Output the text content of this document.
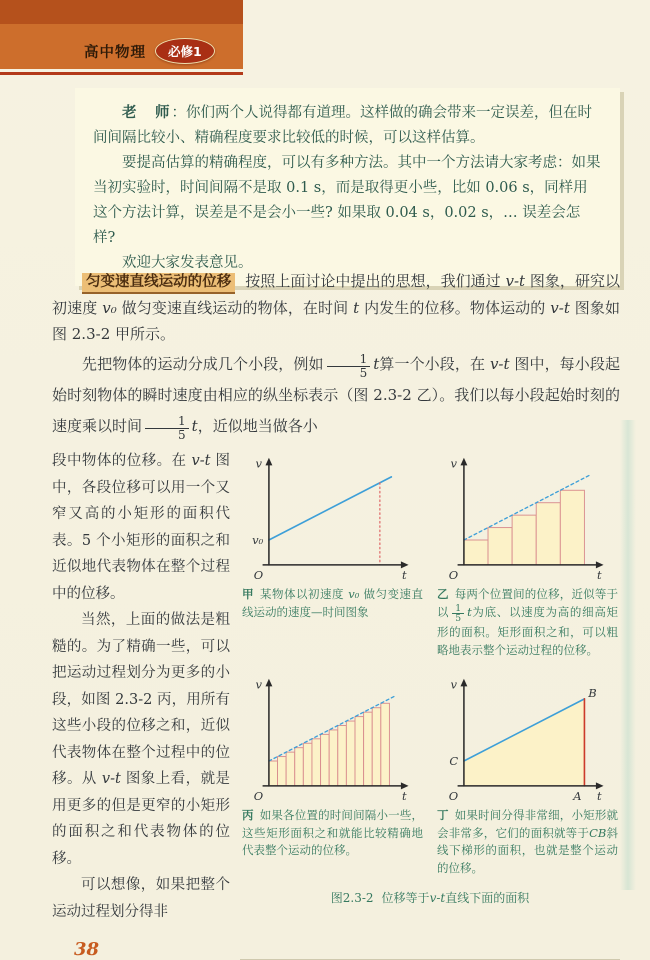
高中物理	必修1

老　师：你们两个人说得都有道理。这样做的确会带来一定误差，但在时间间隔比较小、精确程度要求比较低的时候，可以这样估算。

要提高估算的精确程度，可以有多种方法。其中一个方法请大家考虑：如果当初实验时，时间间隔不是取 0.1 s，而是取得更小些，比如 0.06 s，同样用这个方法计算，误差是不是会小一些? 如果取 0.04 s，0.02 s，… 误差会怎样?

欢迎大家发表意见。

匀变速直线运动的位移 按照上面讨论中提出的思想，我们通过 v-t 图象，研究以初速度 v₀ 做匀变速直线运动的物体，在时间 t 内发生的位移。物体运动的 v-t 图象如图 2.3-2 甲所示。

先把物体的运动分成几个小段，例如 $\frac{1}{5}$ t算一个小段，在 v-t 图中，每小段起始时刻物体的瞬时速度由相应的纵坐标表示（图 2.3-2 乙）。我们以每小段起始时刻的速度乘以时间 $\frac{1}{5}$ t，近似地当做各小

段中物体的位移。在 v-t 图中，各段位移可以用一个又窄又高的小矩形的面积代表。5 个小矩形的面积之和近似地代表物体在整个过程中的位移。

当然，上面的做法是粗糙的。为了精确一些，可以把运动过程划分为更多的小段，如图 2.3-2 丙，用所有这些小段的位移之和，近似代表物体在整个过程中的位移。从 v-t 图象上看，就是用更多的但是更窄的小矩形的面积之和代表物体的位移。

可以想像，如果把整个运动过程划分得非

38
v₀
v
O	t
v
O	t

甲 某物体以初速度 v₀ 做匀变速直线运动的速度—时间图象

乙 每两个位置间的位移，近似等于以 $\frac{1}{5}$ t为底、以速度为高的细高矩形的面积。矩形面积之和，可以粗略地表示整个运动过程的位移。

v
O	t
C
B
A
v
O	t

丙 如果各位置的时间间隔小一些，这些矩形面积之和就能比较精确地代表整个运动的位移。

丁 如果时间分得非常细，小矩形就会非常多，它们的面积就等于CB斜线下梯形的面积，也就是整个运动的位移。

图2.3-2 位移等于v-t直线下面的面积
